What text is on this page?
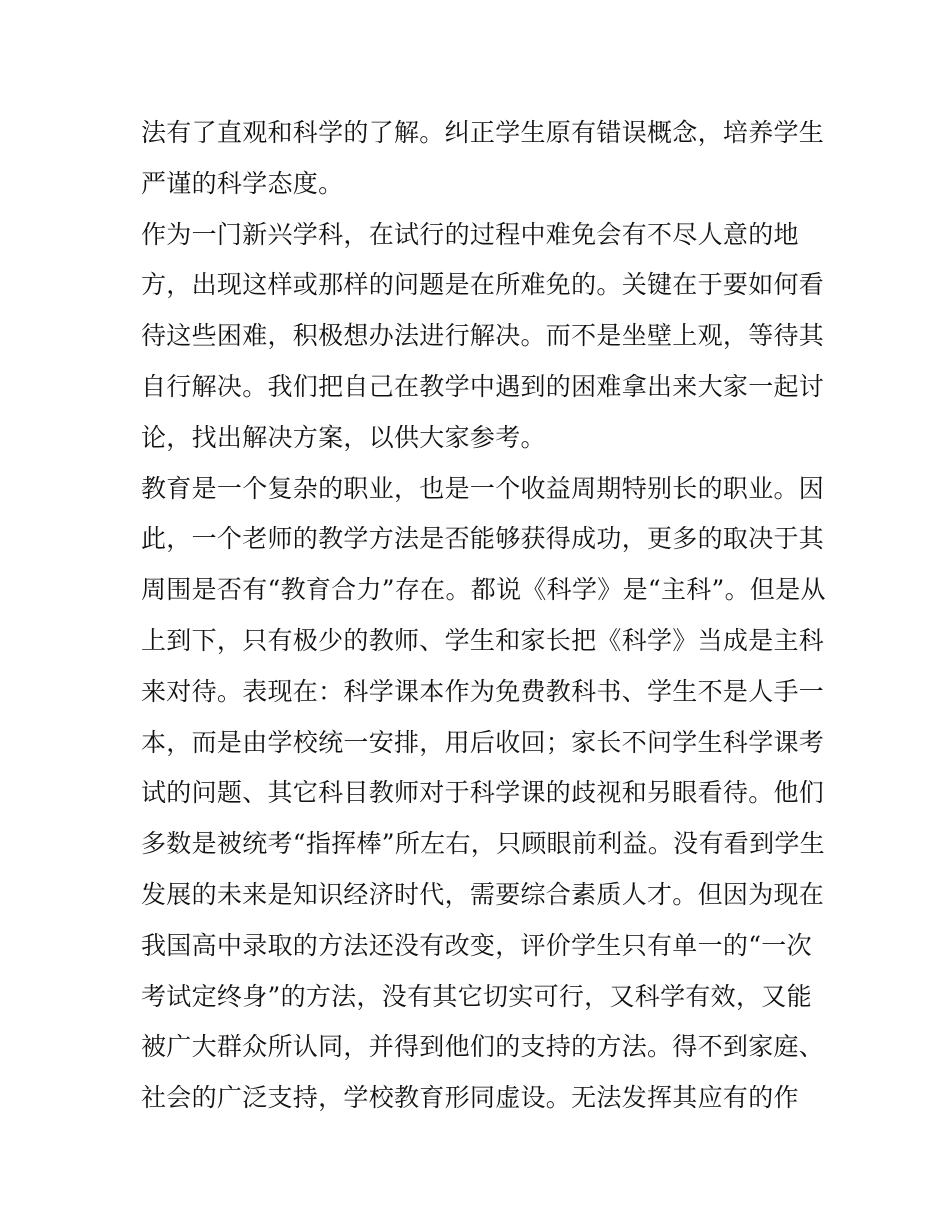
法有了直观和科学的了解。纠正学生原有错误概念，培养学生
严谨的科学态度。
作为一门新兴学科，在试行的过程中难免会有不尽人意的地
方，出现这样或那样的问题是在所难免的。关键在于要如何看
待这些困难，积极想办法进行解决。而不是坐壁上观，等待其
自行解决。我们把自己在教学中遇到的困难拿出来大家一起讨
论，找出解决方案，以供大家参考。
教育是一个复杂的职业，也是一个收益周期特别长的职业。因
此，一个老师的教学方法是否能够获得成功，更多的取决于其
周围是否有“教育合力”存在。都说《科学》是“主科”。但是从
上到下，只有极少的教师、学生和家长把《科学》当成是主科
来对待。表现在：科学课本作为免费教科书、学生不是人手一
本，而是由学校统一安排，用后收回；家长不问学生科学课考
试的问题、其它科目教师对于科学课的歧视和另眼看待。他们
多数是被统考“指挥棒”所左右，只顾眼前利益。没有看到学生
发展的未来是知识经济时代，需要综合素质人才。但因为现在
我国高中录取的方法还没有改变，评价学生只有单一的“一次
考试定终身”的方法，没有其它切实可行，又科学有效，又能
被广大群众所认同，并得到他们的支持的方法。得不到家庭、
社会的广泛支持，学校教育形同虚设。无法发挥其应有的作
